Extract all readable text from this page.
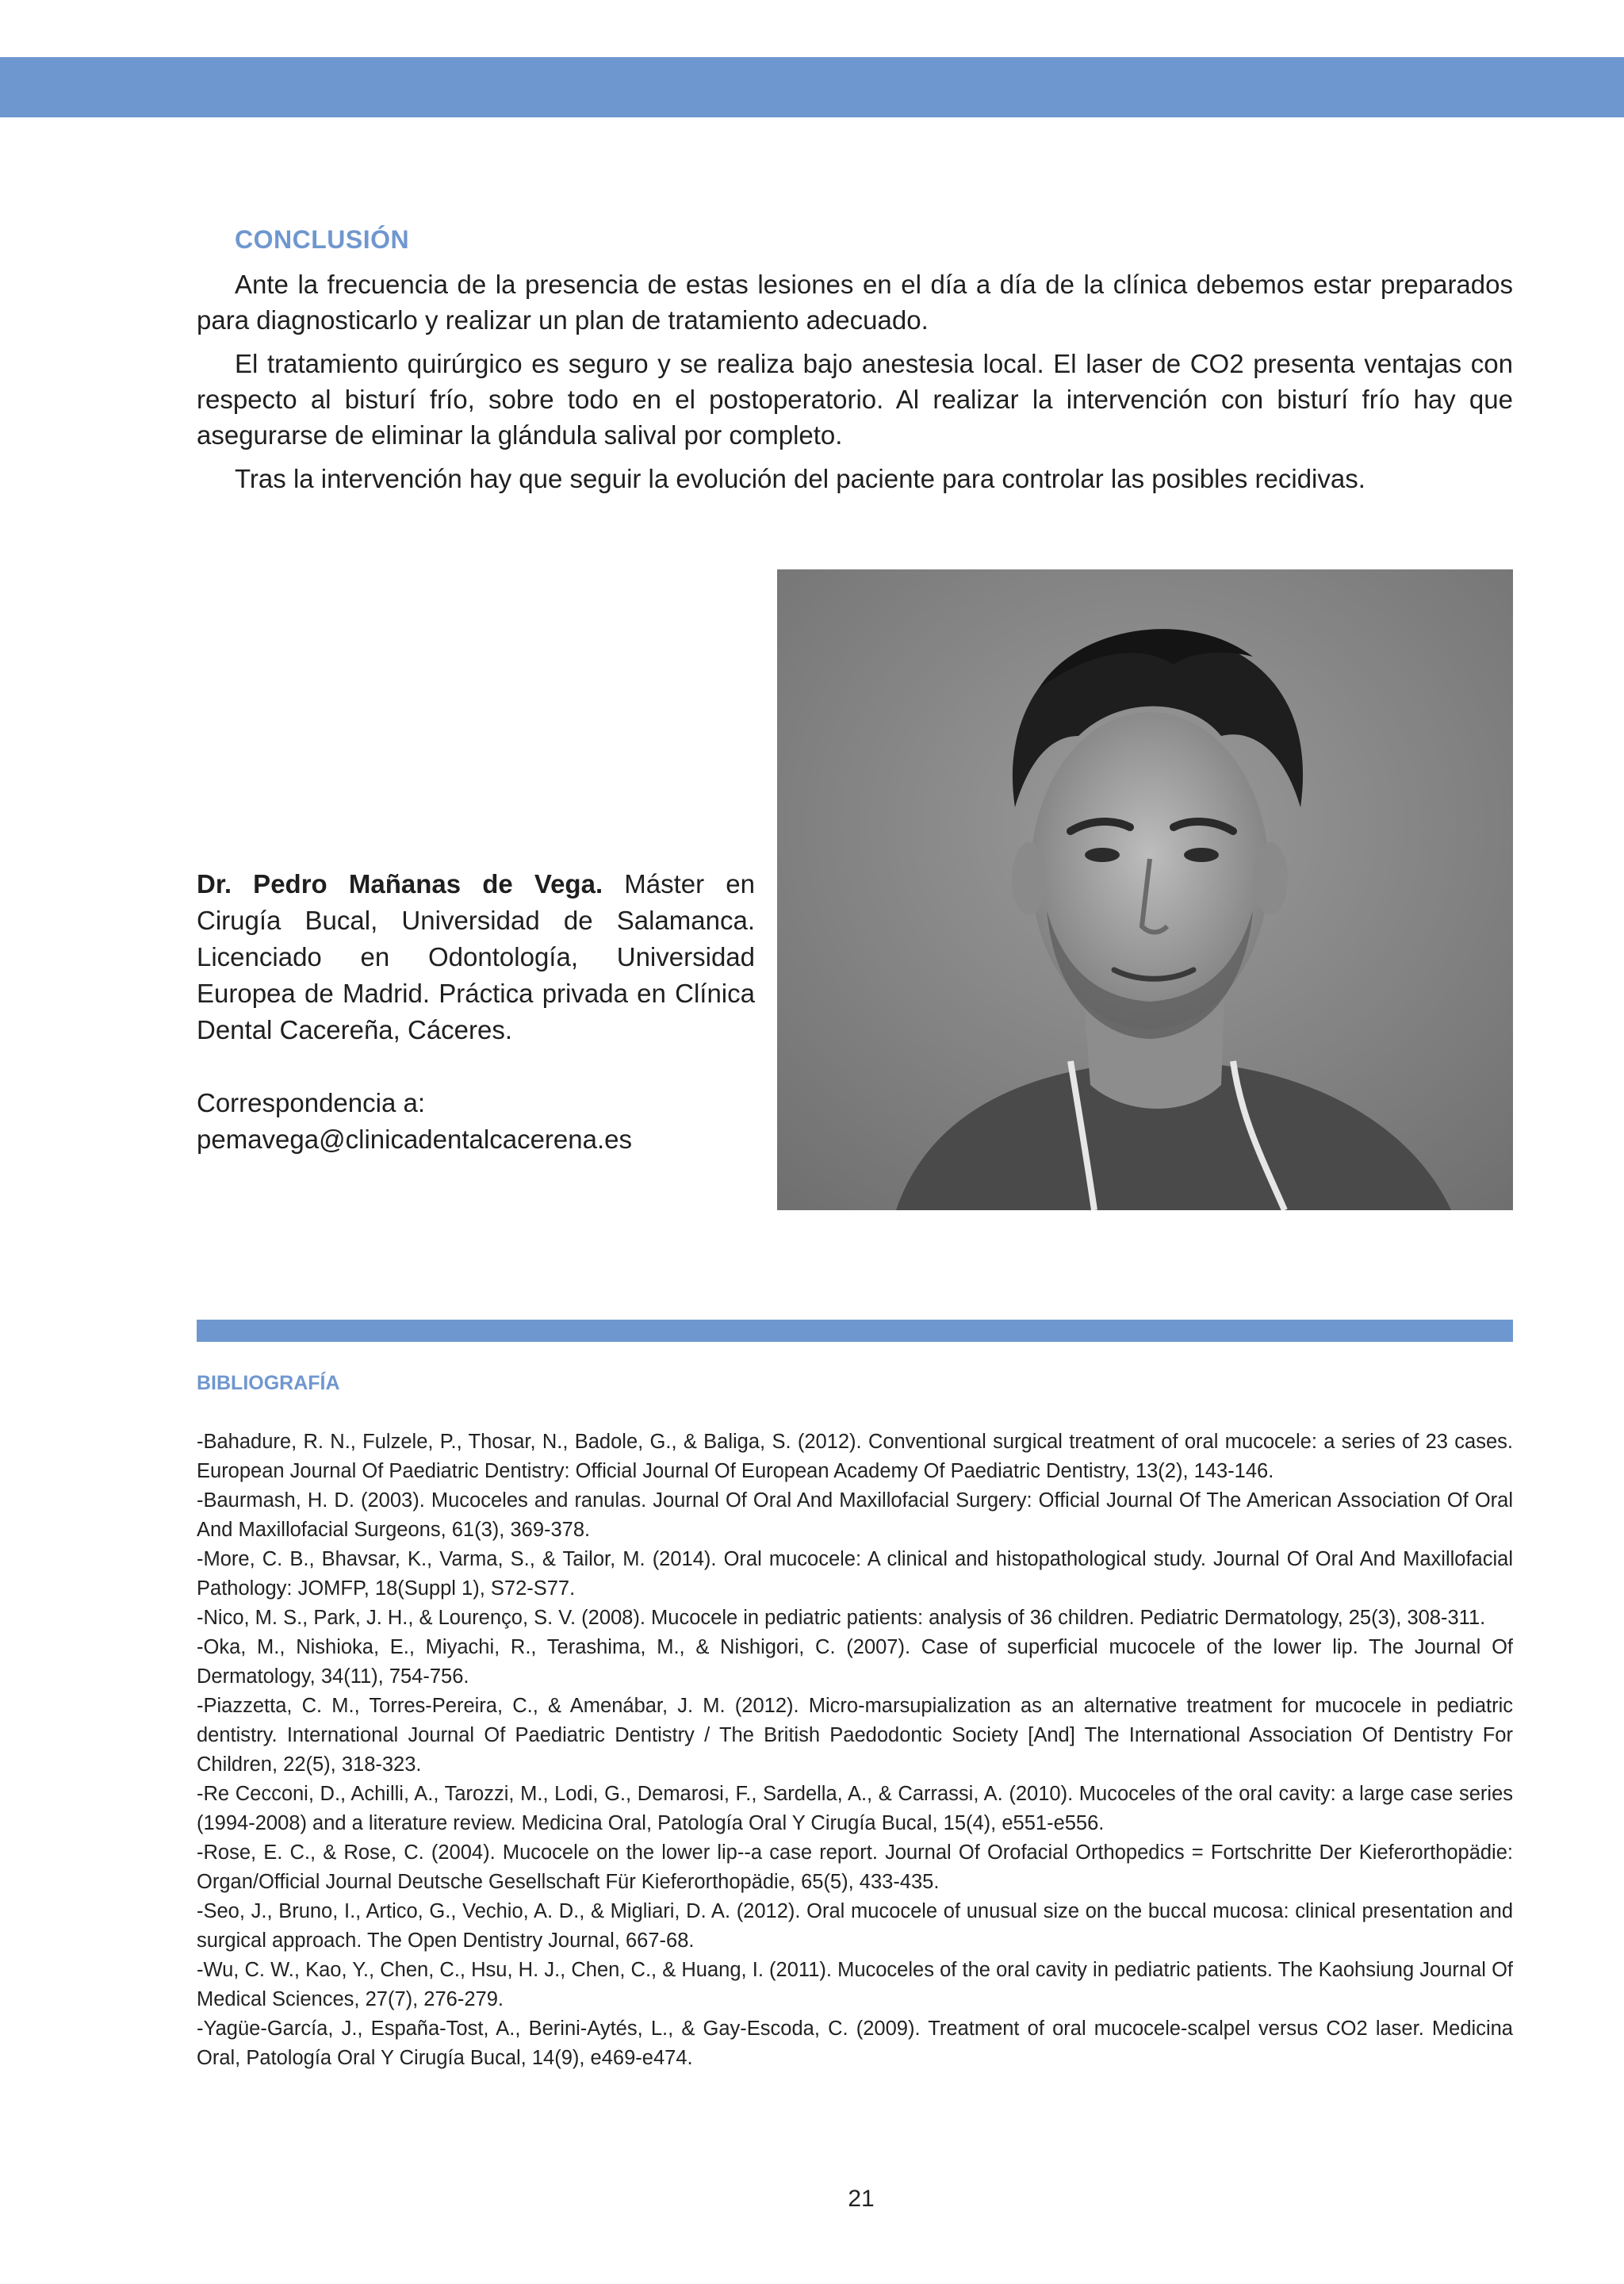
CONCLUSIÓN

Ante la frecuencia de la presencia de estas lesiones en el día a día de la clínica debemos estar preparados para diagnosticarlo y realizar un plan de tratamiento adecuado.

El tratamiento quirúrgico es seguro y se realiza bajo anestesia local. El laser de CO2 presenta ventajas con respecto al bisturí frío, sobre todo en el postoperatorio. Al realizar la intervención con bisturí frío hay que asegurarse de eliminar la glándula salival por completo.

Tras la intervención hay que seguir la evolución del paciente para controlar las posibles recidivas.

Dr. Pedro Mañanas de Vega. Máster en Cirugía Bucal, Universidad de Salamanca. Licenciado en Odontología, Universidad Europea de Madrid. Práctica privada en Clínica Dental Cacereña, Cáceres.
Correspondencia a:
pemavega@clinicadentalcacerena.es
BIBLIOGRAFÍA
-Bahadure, R. N., Fulzele, P., Thosar, N., Badole, G., & Baliga, S. (2012). Conventional surgical treatment of oral mucocele: a series of 23 cases. European Journal Of Paediatric Dentistry: Official Journal Of European Academy Of Paediatric Dentistry, 13(2), 143-146.
-Baurmash, H. D. (2003). Mucoceles and ranulas. Journal Of Oral And Maxillofacial Surgery: Official Journal Of The American Association Of Oral And Maxillofacial Surgeons, 61(3), 369-378.
-More, C. B., Bhavsar, K., Varma, S., & Tailor, M. (2014). Oral mucocele: A clinical and histopathological study. Journal Of Oral And Maxillofacial Pathology: JOMFP, 18(Suppl 1), S72-S77.
-Nico, M. S., Park, J. H., & Lourenço, S. V. (2008). Mucocele in pediatric patients: analysis of 36 children. Pediatric Dermatology, 25(3), 308-311.
-Oka, M., Nishioka, E., Miyachi, R., Terashima, M., & Nishigori, C. (2007). Case of superficial mucocele of the lower lip. The Journal Of Dermatology, 34(11), 754-756.
-Piazzetta, C. M., Torres-Pereira, C., & Amenábar, J. M. (2012). Micro-marsupialization as an alternative treatment for mucocele in pediatric dentistry. International Journal Of Paediatric Dentistry / The British Paedodontic Society [And] The International Association Of Dentistry For Children, 22(5), 318-323.
-Re Cecconi, D., Achilli, A., Tarozzi, M., Lodi, G., Demarosi, F., Sardella, A., & Carrassi, A. (2010). Mucoceles of the oral cavity: a large case series (1994-2008) and a literature review. Medicina Oral, Patología Oral Y Cirugía Bucal, 15(4), e551-e556.
-Rose, E. C., & Rose, C. (2004). Mucocele on the lower lip--a case report. Journal Of Orofacial Orthopedics = Fortschritte Der Kieferorthopädie: Organ/Official Journal Deutsche Gesellschaft Für Kieferorthopädie, 65(5), 433-435.
-Seo, J., Bruno, I., Artico, G., Vechio, A. D., & Migliari, D. A. (2012). Oral mucocele of unusual size on the buccal mucosa: clinical presentation and surgical approach. The Open Dentistry Journal, 667-68.
-Wu, C. W., Kao, Y., Chen, C., Hsu, H. J., Chen, C., & Huang, I. (2011). Mucoceles of the oral cavity in pediatric patients. The Kaohsiung Journal Of Medical Sciences, 27(7), 276-279.
-Yagüe-García, J., España-Tost, A., Berini-Aytés, L., & Gay-Escoda, C. (2009). Treatment of oral mucocele-scalpel versus CO2 laser. Medicina Oral, Patología Oral Y Cirugía Bucal, 14(9), e469-e474.
21
